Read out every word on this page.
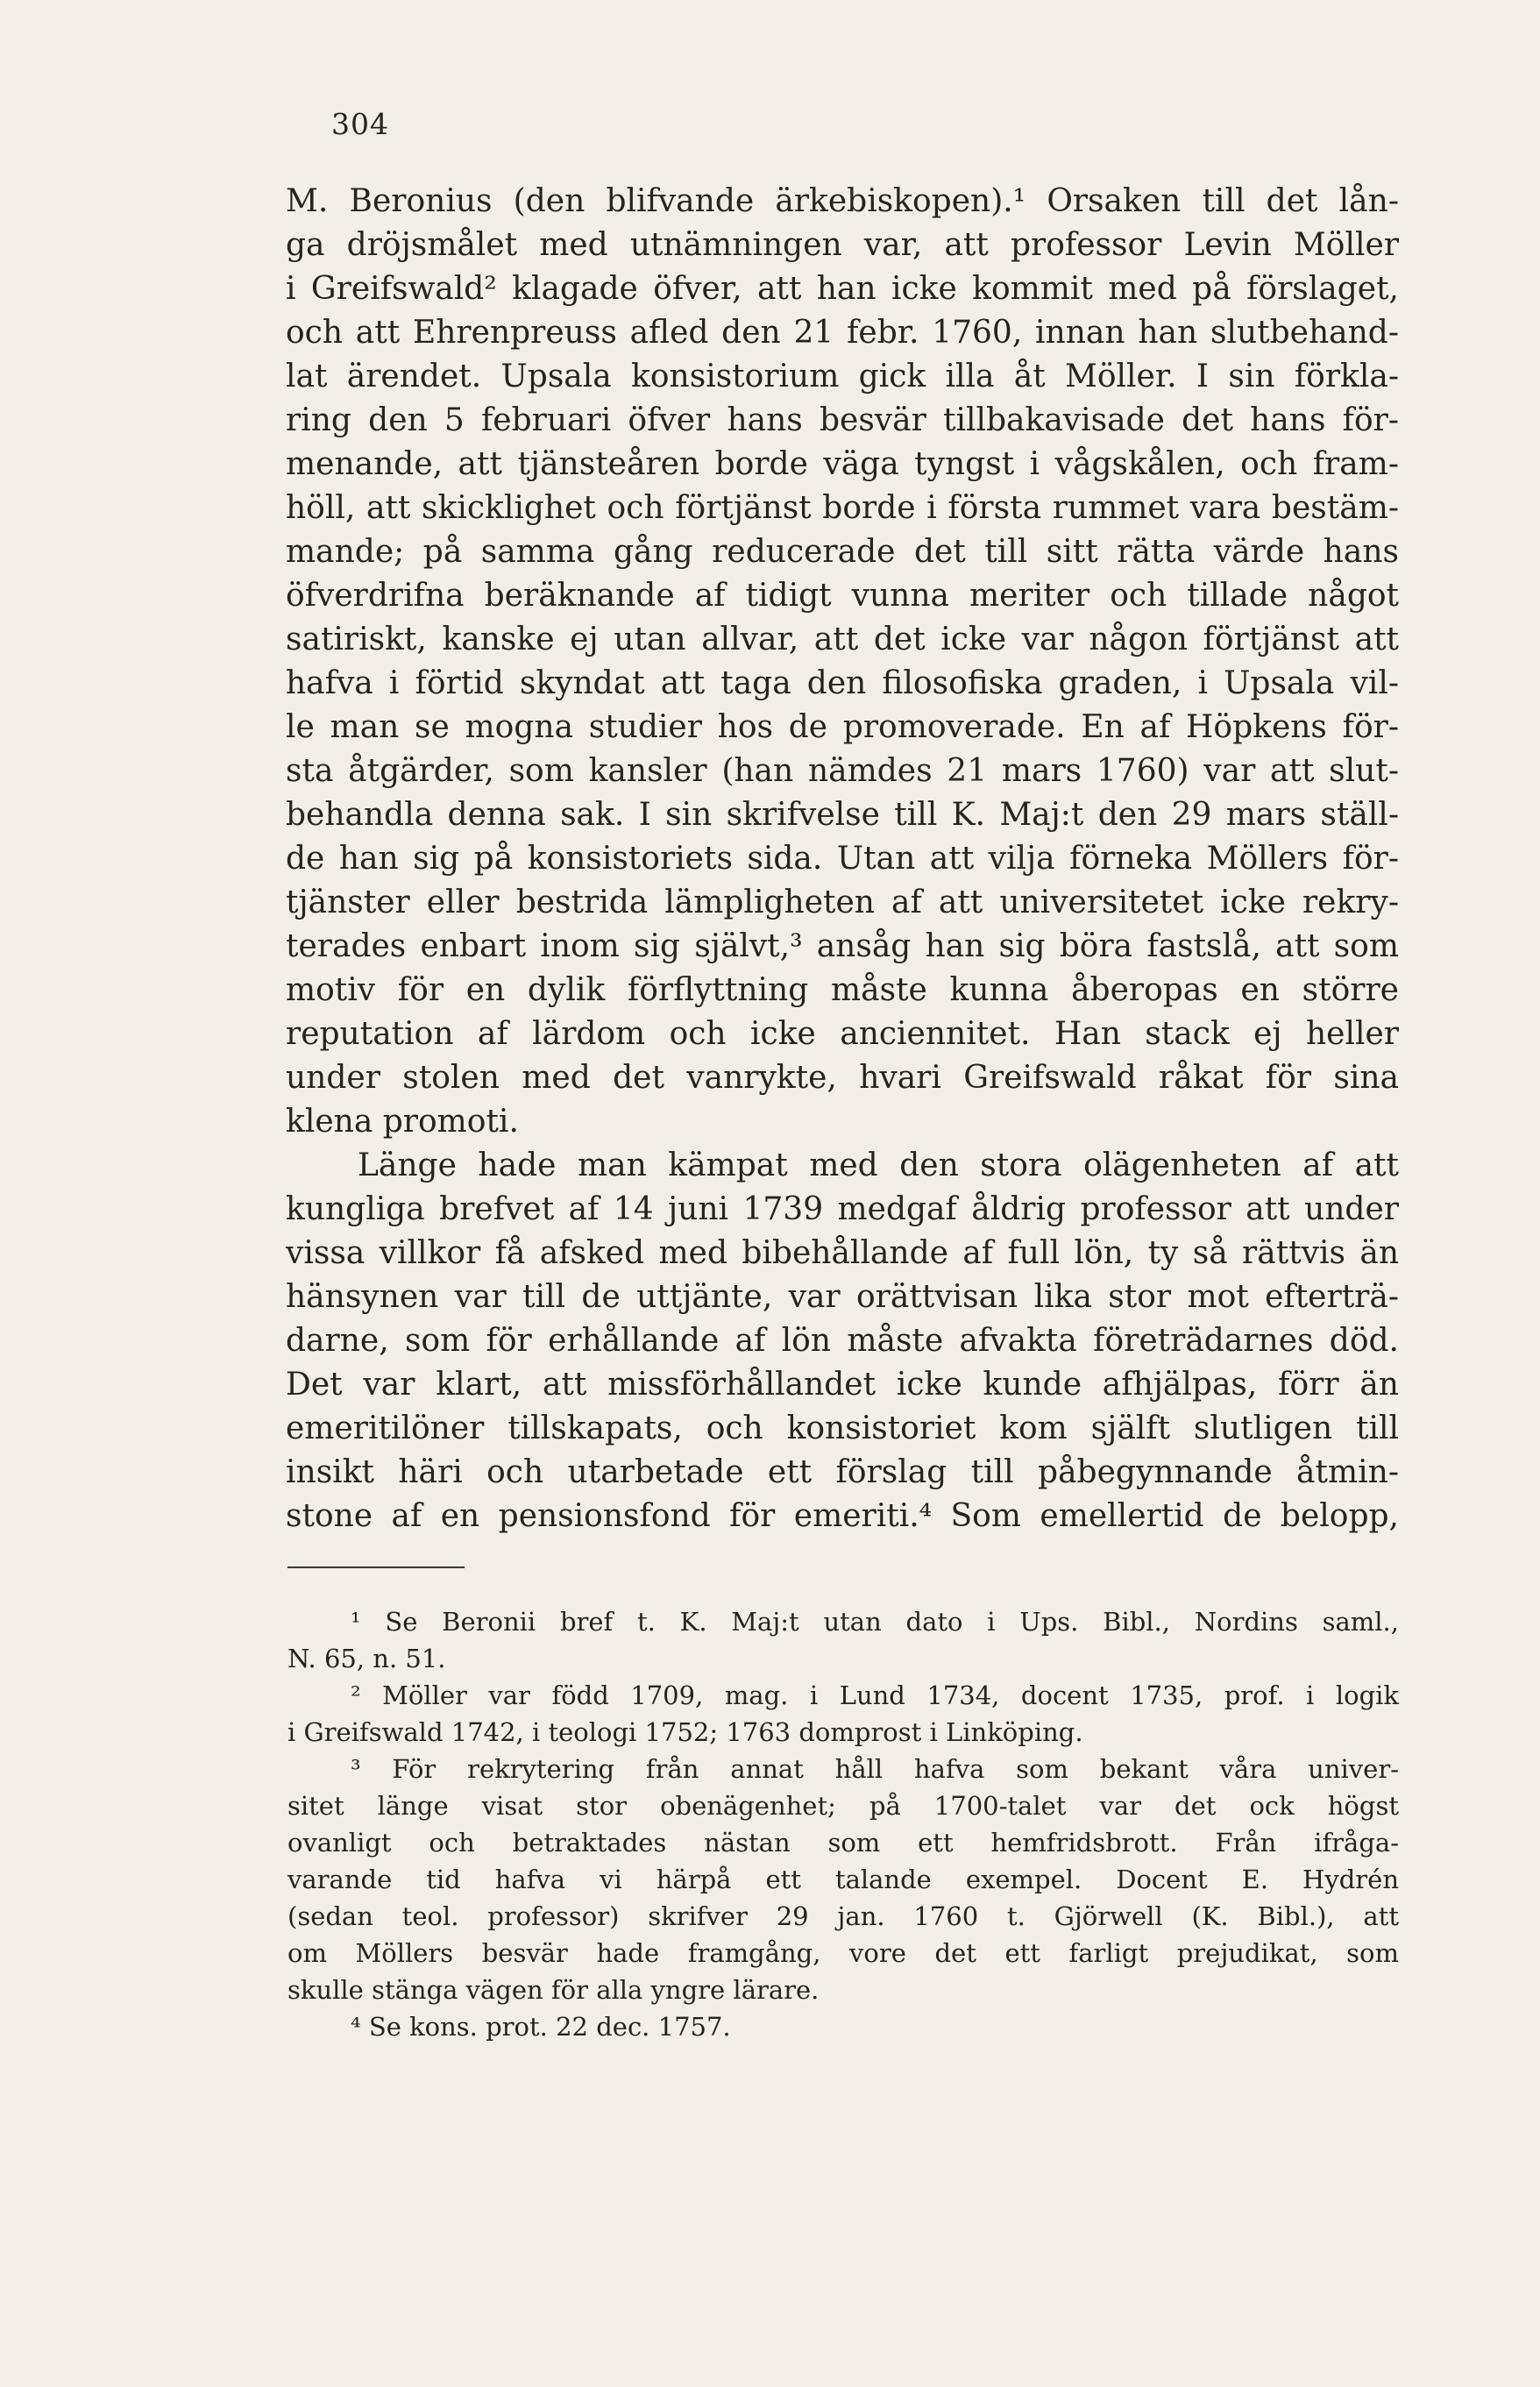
304
M. Beronius (den blifvande ärkebiskopen).¹ Orsaken till det lån-
ga dröjsmålet med utnämningen var, att professor Levin Möller
i Greifswald² klagade öfver, att han icke kommit med på förslaget,
och att Ehrenpreuss afled den 21 febr. 1760, innan han slutbehand-
lat ärendet. Upsala konsistorium gick illa åt Möller. I sin förkla-
ring den 5 februari öfver hans besvär tillbakavisade det hans för-
menande, att tjänsteåren borde väga tyngst i vågskålen, och fram-
höll, att skicklighet och förtjänst borde i första rummet vara bestäm-
mande; på samma gång reducerade det till sitt rätta värde hans
öfverdrifna beräknande af tidigt vunna meriter och tillade något
satiriskt, kanske ej utan allvar, att det icke var någon förtjänst att
hafva i förtid skyndat att taga den filosofiska graden, i Upsala vil-
le man se mogna studier hos de promoverade. En af Höpkens för-
sta åtgärder, som kansler (han nämdes 21 mars 1760) var att slut-
behandla denna sak. I sin skrifvelse till K. Maj:t den 29 mars ställ-
de han sig på konsistoriets sida. Utan att vilja förneka Möllers för-
tjänster eller bestrida lämpligheten af att universitetet icke rekry-
terades enbart inom sig självt,³ ansåg han sig böra fastslå, att som
motiv för en dylik förflyttning måste kunna åberopas en större
reputation af lärdom och icke anciennitet. Han stack ej heller
under stolen med det vanrykte, hvari Greifswald råkat för sina
klena promoti.
Länge hade man kämpat med den stora olägenheten af att
kungliga brefvet af 14 juni 1739 medgaf åldrig professor att under
vissa villkor få afsked med bibehållande af full lön, ty så rättvis än
hänsynen var till de uttjänte, var orättvisan lika stor mot efterträ-
darne, som för erhållande af lön måste afvakta företrädarnes död.
Det var klart, att missförhållandet icke kunde afhjälpas, förr än
emeritilöner tillskapats, och konsistoriet kom själft slutligen till
insikt häri och utarbetade ett förslag till påbegynnande åtmin-
stone af en pensionsfond för emeriti.⁴ Som emellertid de belopp,
¹ Se Beronii bref t. K. Maj:t utan dato i Ups. Bibl., Nordins saml.,
N. 65, n. 51.
² Möller var född 1709, mag. i Lund 1734, docent 1735, prof. i logik
i Greifswald 1742, i teologi 1752; 1763 domprost i Linköping.
³ För rekrytering från annat håll hafva som bekant våra univer-
sitet länge visat stor obenägenhet; på 1700-talet var det ock högst
ovanligt och betraktades nästan som ett hemfridsbrott. Från ifråga-
varande tid hafva vi härpå ett talande exempel. Docent E. Hydrén
(sedan teol. professor) skrifver 29 jan. 1760 t. Gjörwell (K. Bibl.), att
om Möllers besvär hade framgång, vore det ett farligt prejudikat, som
skulle stänga vägen för alla yngre lärare.
⁴ Se kons. prot. 22 dec. 1757.
